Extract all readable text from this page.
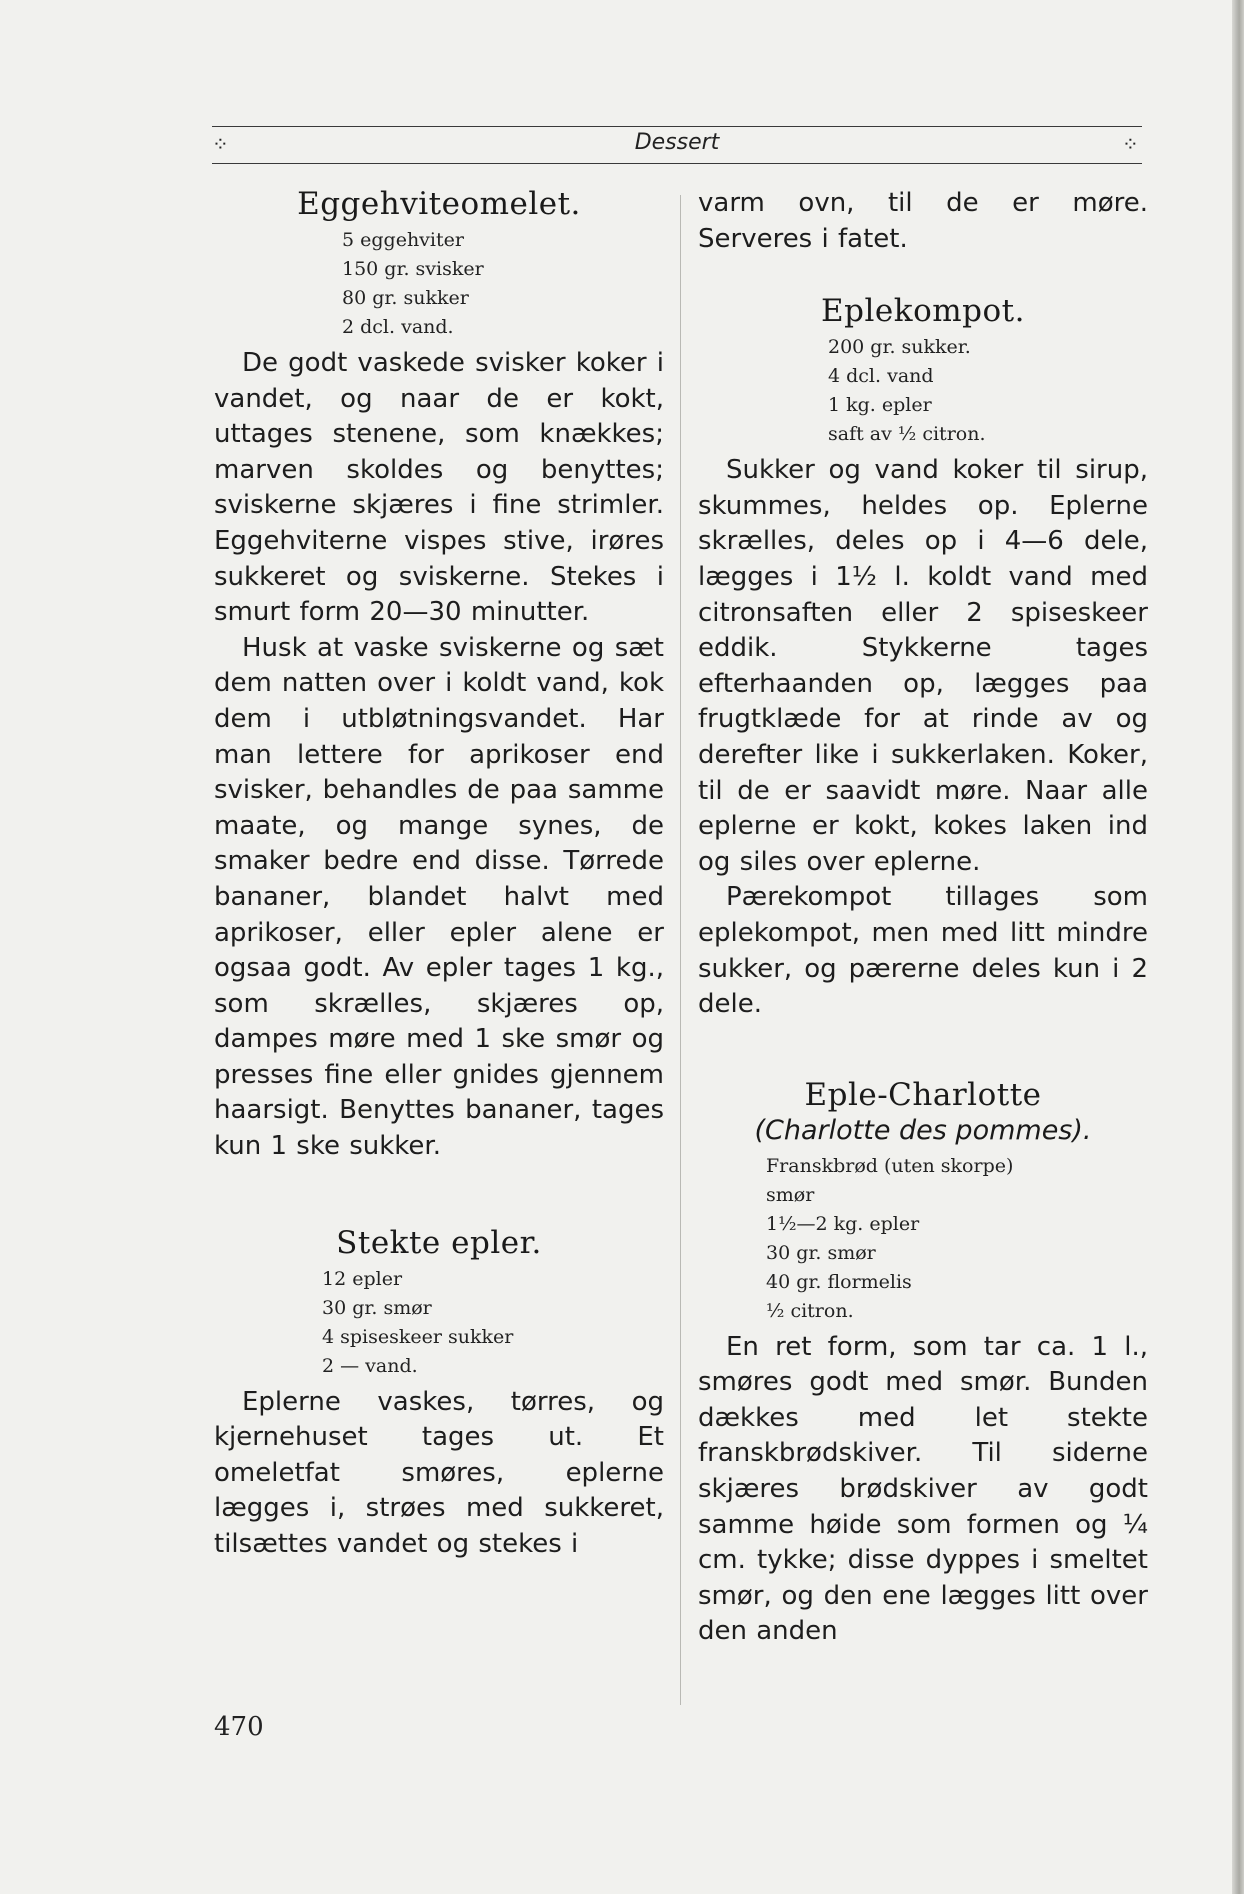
⁘	Dessert	⁘
Eggehviteomelet.
5 eggehviter
150 gr. svisker
80 gr. sukker
2 dcl. vand.

De godt vaskede svisker koker i vandet, og naar de er kokt, uttages stenene, som knækkes; marven skoldes og benyttes; sviskerne skjæres i fine strimler. Eggehviterne vispes stive, irøres sukkeret og sviskerne. Stekes i smurt form 20—30 minutter.

Husk at vaske sviskerne og sæt dem natten over i koldt vand, kok dem i utbløtningsvandet. Har man lettere for aprikoser end svisker, behandles de paa samme maate, og mange synes, de smaker bedre end disse. Tørrede bananer, blandet halvt med aprikoser, eller epler alene er ogsaa godt. Av epler tages 1 kg., som skrælles, skjæres op, dampes møre med 1 ske smør og presses fine eller gnides gjennem haarsigt. Benyttes bananer, tages kun 1 ske sukker.

Stekte epler.
12 epler
30 gr. smør
4 spiseskeer sukker
2 — vand.

Eplerne vaskes, tørres, og kjernehuset tages ut. Et omeletfat smøres, eplerne lægges i, strøes med sukkeret, tilsættes vandet og stekes i

varm ovn, til de er møre. Serveres i fatet.

Eplekompot.
200 gr. sukker.
4 dcl. vand
1 kg. epler
saft av ½ citron.

Sukker og vand koker til sirup, skummes, heldes op. Eplerne skrælles, deles op i 4—6 dele, lægges i 1½ l. koldt vand med citronsaften eller 2 spiseskeer eddik. Stykkerne tages efterhaanden op, lægges paa frugtklæde for at rinde av og derefter like i sukkerlaken. Koker, til de er saavidt møre. Naar alle eplerne er kokt, kokes laken ind og siles over eplerne.

Pærekompot tillages som eplekompot, men med litt mindre sukker, og pærerne deles kun i 2 dele.

Eple-Charlotte
(Charlotte des pommes).
Franskbrød (uten skorpe)
smør
1½—2 kg. epler
30 gr. smør
40 gr. flormelis
½ citron.

En ret form, som tar ca. 1 l., smøres godt med smør. Bunden dækkes med let stekte franskbrødskiver. Til siderne skjæres brødskiver av godt samme høide som formen og ¼ cm. tykke; disse dyppes i smeltet smør, og den ene lægges litt over den anden

470
